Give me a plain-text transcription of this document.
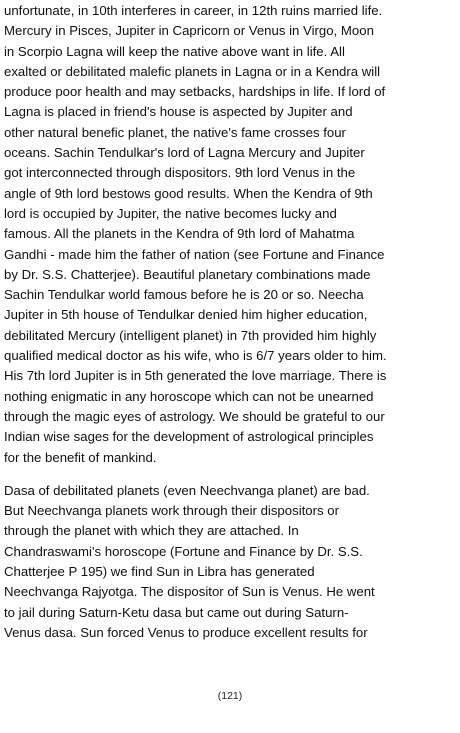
unfortunate, in 10th interferes in career, in 12th ruins married life.
Mercury in Pisces, Jupiter in Capricorn or Venus in Virgo, Moon
in Scorpio Lagna will keep the native above want in life. All
exalted or debilitated malefic planets in Lagna or in a Kendra will
produce poor health and may setbacks, hardships in life. If lord of
Lagna is placed in friend's house is aspected by Jupiter and
other natural benefic planet, the native's fame crosses four
oceans. Sachin Tendulkar's lord of Lagna Mercury and Jupiter
got interconnected through dispositors. 9th lord Venus in the
angle of 9th lord bestows good results. When the Kendra of 9th
lord is occupied by Jupiter, the native becomes lucky and
famous. All the planets in the Kendra of 9th lord of Mahatma
Gandhi - made him the father of nation (see Fortune and Finance
by Dr. S.S. Chatterjee). Beautiful planetary combinations made
Sachin Tendulkar world famous before he is 20 or so. Neecha
Jupiter in 5th house of Tendulkar denied him higher education,
debilitated Mercury (intelligent planet) in 7th provided him highly
qualified medical doctor as his wife, who is 6/7 years older to him.
His 7th lord Jupiter is in 5th generated the love marriage. There is
nothing enigmatic in any horoscope which can not be unearned
through the magic eyes of astrology. We should be grateful to our
Indian wise sages for the development of astrological principles
for the benefit of mankind.
Dasa of debilitated planets (even Neechvanga planet) are bad.
But Neechvanga planets work through their dispositors or
through the planet with which they are attached. In
Chandraswami's horoscope (Fortune and Finance by Dr. S.S.
Chatterjee P 195) we find Sun in Libra has generated
Neechvanga Rajyotga. The dispositor of Sun is Venus. He went
to jail during Saturn-Ketu dasa but came out during Saturn-
Venus dasa. Sun forced Venus to produce excellent results for
(121)
